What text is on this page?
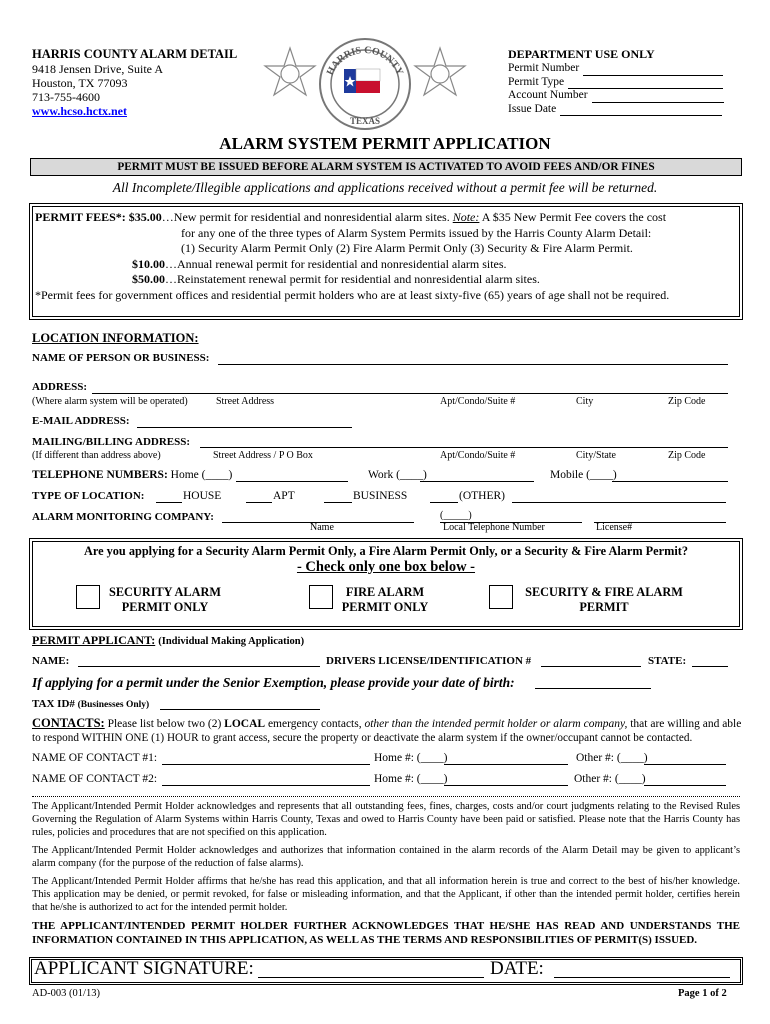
HARRIS COUNTY ALARM DETAIL
9418 Jensen Drive, Suite A
Houston, TX 77093
713-755-4600
www.hcso.hctx.net
HARRIS COUNTY
TEXAS
DEPARTMENT USE ONLY
Permit Number
Permit Type
Account Number
Issue Date
ALARM SYSTEM PERMIT APPLICATION
PERMIT MUST BE ISSUED BEFORE ALARM SYSTEM IS ACTIVATED TO AVOID FEES AND/OR FINES
All Incomplete/Illegible applications and applications received without a permit fee will be returned.
PERMIT FEES*: $35.00…New permit for residential and nonresidential alarm sites. Note: A $35 New Permit Fee covers the cost
for any one of the three types of Alarm System Permits issued by the Harris County Alarm Detail:
(1) Security Alarm Permit Only (2) Fire Alarm Permit Only (3) Security & Fire Alarm Permit.
$10.00…Annual renewal permit for residential and nonresidential alarm sites.
$50.00…Reinstatement renewal permit for residential and nonresidential alarm sites.
*Permit fees for government offices and residential permit holders who are at least sixty-five (65) years of age shall not be required.
LOCATION INFORMATION:
NAME OF PERSON OR BUSINESS:
ADDRESS:
(Where alarm system will be operated)	Street Address	Apt/Condo/Suite #	City	Zip Code
E-MAIL ADDRESS:
MAILING/BILLING ADDRESS:
(If different than address above)	Street Address / P O Box	Apt/Condo/Suite #	City/State	Zip Code
TELEPHONE NUMBERS: Home (____)	Work (____)	Mobile (____)
TYPE OF LOCATION:	HOUSE	APT	BUSINESS	(OTHER)
ALARM MONITORING COMPANY:
Name
(_____)
Local Telephone Number	License#
Are you applying for a Security Alarm Permit Only, a Fire Alarm Permit Only, or a Security & Fire Alarm Permit?
- Check only one box below -
SECURITY ALARM
PERMIT ONLY
FIRE ALARM
PERMIT ONLY
SECURITY & FIRE ALARM
PERMIT
PERMIT APPLICANT: (Individual Making Application)
NAME:	DRIVERS LICENSE/IDENTIFICATION #	STATE:
If applying for a permit under the Senior Exemption, please provide your date of birth:
TAX ID# (Businesses Only)
CONTACTS: Please list below two (2) LOCAL emergency contacts, other than the intended permit holder or alarm company, that are willing and able
to respond WITHIN ONE (1) HOUR to grant access, secure the property or deactivate the alarm system if the owner/occupant cannot be contacted.
NAME OF CONTACT #1:	Home #: (____)	Other #: (____)
NAME OF CONTACT #2:	Home #: (____)	Other #: (____)
The Applicant/Intended Permit Holder acknowledges and represents that all outstanding fees, fines, charges, costs and/or court judgments relating to the Revised Rules Governing the Regulation of Alarm Systems within Harris County, Texas and owed to Harris County have been paid or satisfied. Please note that the Harris County has rules, policies and procedures that are not specified on this application.
The Applicant/Intended Permit Holder acknowledges and authorizes that information contained in the alarm records of the Alarm Detail may be given to applicant’s alarm company (for the purpose of the reduction of false alarms).
The Applicant/Intended Permit Holder affirms that he/she has read this application, and that all information herein is true and correct to the best of his/her knowledge. This application may be denied, or permit revoked, for false or misleading information, and that the Applicant, if other than the intended permit holder, certifies herein that he/she is authorized to act for the intended permit holder.
THE APPLICANT/INTENDED PERMIT HOLDER FURTHER ACKNOWLEDGES THAT HE/SHE HAS READ AND UNDERSTANDS THE INFORMATION CONTAINED IN THIS APPLICATION, AS WELL AS THE TERMS AND RESPONSIBILITIES OF PERMIT(S) ISSUED.
APPLICANT SIGNATURE:	DATE:
AD-003 (01/13)	Page 1 of 2
